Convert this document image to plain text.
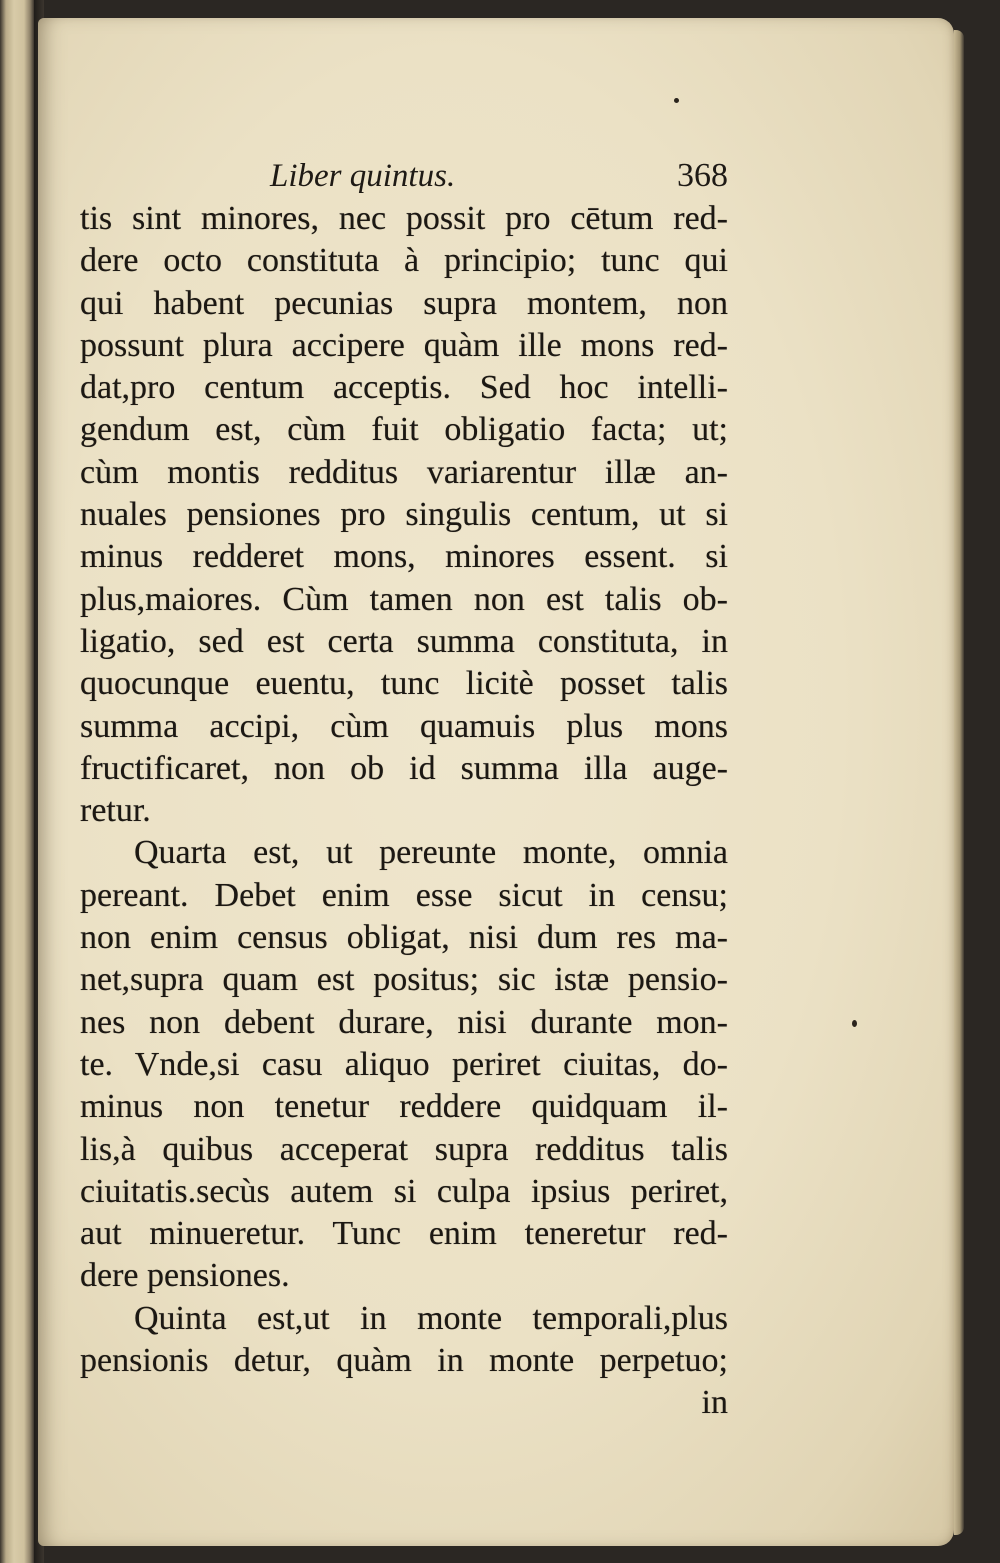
Liber quintus.	368
tis sint minores, nec possit pro cētum red-
dere octo constituta à principio; tunc qui
qui habent pecunias supra montem, non
possunt plura accipere quàm ille mons red-
dat,pro centum acceptis. Sed hoc intelli-
gendum est, cùm fuit obligatio facta; ut;
cùm montis redditus variarentur illæ an-
nuales pensiones pro singulis centum, ut si
minus redderet mons, minores essent. si
plus,maiores. Cùm tamen non est talis ob-
ligatio, sed est certa summa constituta, in
quocunque euentu, tunc licitè posset talis
summa accipi, cùm quamuis plus mons
fructificaret, non ob id summa illa auge-
retur.
Quarta est, ut pereunte monte, omnia
pereant. Debet enim esse sicut in censu;
non enim census obligat, nisi dum res ma-
net,supra quam est positus; sic istæ pensio-
nes non debent durare, nisi durante mon-
te. Vnde,si casu aliquo periret ciuitas, do-
minus non tenetur reddere quidquam il-
lis,à quibus acceperat supra redditus talis
ciuitatis.secùs autem si culpa ipsius periret,
aut minueretur. Tunc enim teneretur red-
dere pensiones.
Quinta est,ut in monte temporali,plus
pensionis detur, quàm in monte perpetuo;
in
